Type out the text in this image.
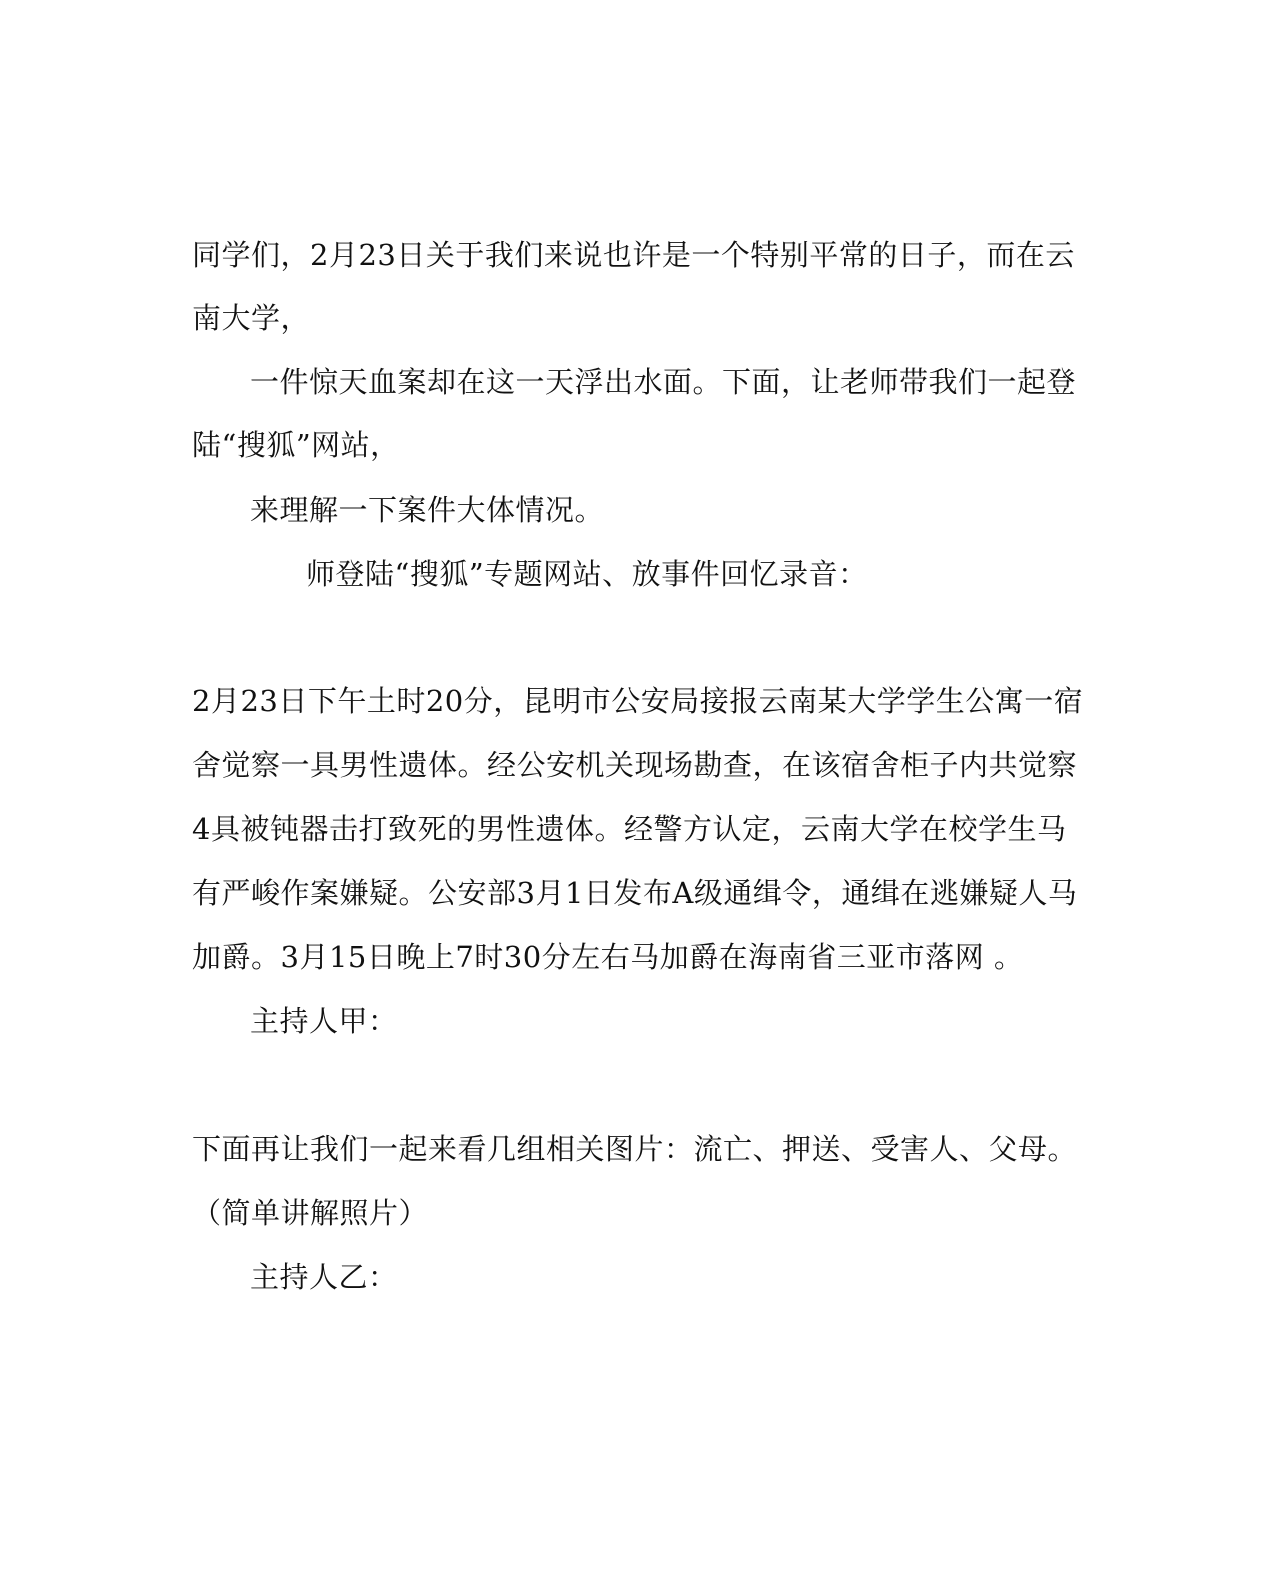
同学们，2月23日关于我们来说也许是一个特别平常的日子，而在云
南大学，
一件惊天血案却在这一天浮出水面。下面，让老师带我们一起登
陆“搜狐”网站，
来理解一下案件大体情况。
师登陆“搜狐”专题网站、放事件回忆录音：
2月23日下午土时20分，昆明市公安局接报云南某大学学生公寓一宿
舍觉察一具男性遗体。经公安机关现场勘查，在该宿舍柜子内共觉察
4具被钝器击打致死的男性遗体。经警方认定，云南大学在校学生马
有严峻作案嫌疑。公安部3月1日发布A级通缉令，通缉在逃嫌疑人马
加爵。3月15日晚上7时30分左右马加爵在海南省三亚市落网 。
主持人甲：
下面再让我们一起来看几组相关图片：流亡、押送、受害人、父母。
（简单讲解照片）
主持人乙：
